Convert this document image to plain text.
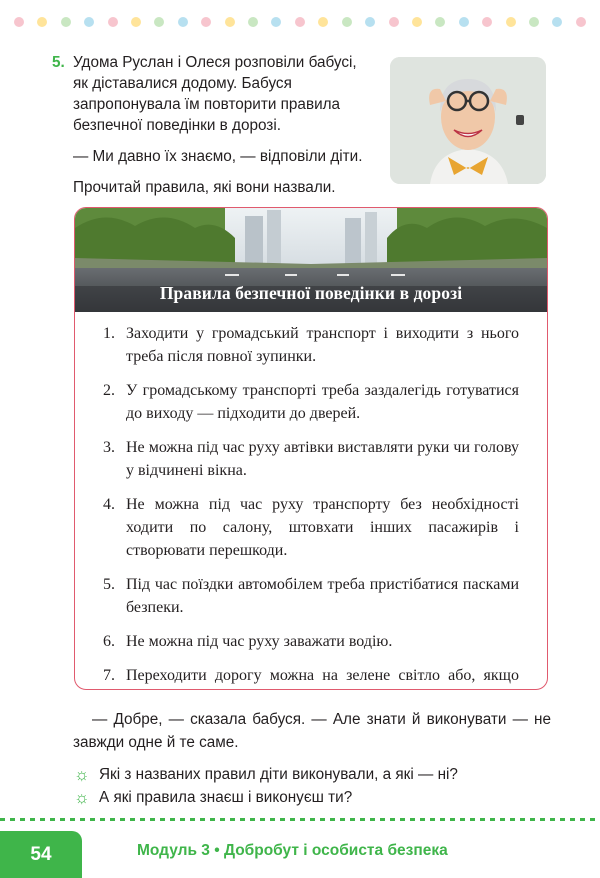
5. Удома Руслан і Олеся розповіли бабусі, як діставалися додому. Бабуся запропонувала їм повторити правила безпечної поведінки в дорозі.

— Ми давно їх знаємо, — відповіли діти.

Прочитай правила, які вони назвали.

Правила безпечної поведінки в дорозі
1. Заходити у громадський транспорт і виходити з нього треба після повної зупинки.
2. У громадському транспорті треба заздалегідь готуватися до виходу — підходити до дверей.
3. Не можна під час руху автівки виставляти руки чи голову у відчинені вікна.
4. Не можна під час руху транспорту без необхідності ходити по салону, штовхати інших пасажирів і створювати перешкоди.
5. Під час поїздки автомобілем треба пристібатися пасками безпеки.
6. Не можна під час руху заважати водію.
7. Переходити дорогу можна на зелене світло або, якщо

— Добре, — сказала бабуся. — Але знати й виконувати — не завжди одне й те саме.

☼ Які з названих правил діти виконували, а які — ні?
☼ А які правила знаєш і виконуєш ти?
54	Модуль 3 • Добробут і особиста безпека
